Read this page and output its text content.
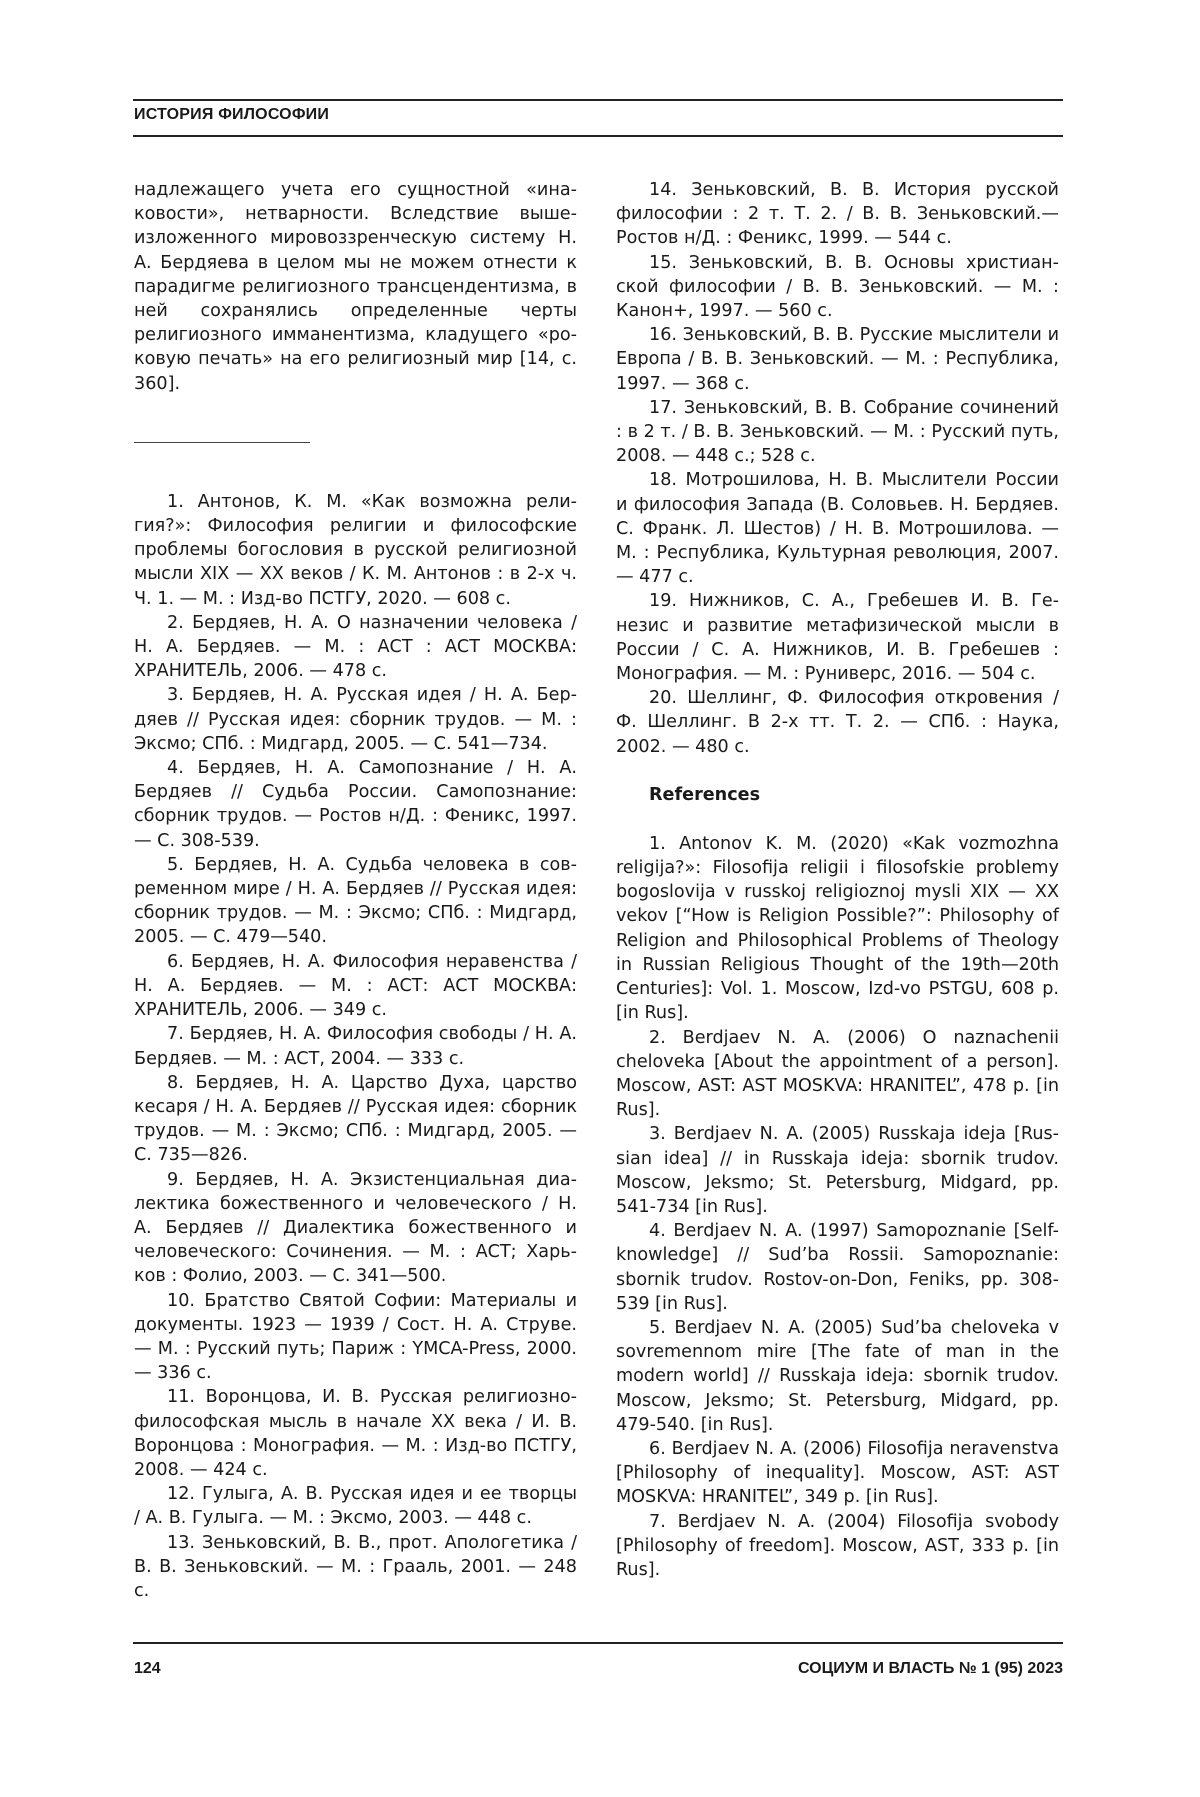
ИСТОРИЯ ФИЛОСОФИИ

надлежащего учета его сущностной «ина­ковости», нетварности. Вследствие выше­изложенного мировоззренческую систему Н. А. Бердяева в целом мы не можем отнести к парадигме религиозного трансцендентиз­ма, в ней сохранялись определенные черты религиозного имманентизма, кладущего «ро­ковую печать» на его религиозный мир [14, с. 360].

1. Антонов, К. М. «Как возможна рели­гия?»: Философия религии и философские проблемы богословия в русской религиоз­ной мысли XIX — XX веков / К. М. Антонов : в 2-х ч. Ч. 1. — М. : Изд-во ПСТГУ, 2020. — 608 с.

2. Бердяев, Н. А. О назначении человека / Н. А. Бердяев. — М. : АСТ : АСТ МОСКВА: ХРАНИТЕЛЬ, 2006. — 478 с.

3. Бердяев, Н. А. Русская идея / Н. А. Бер­дяев // Русская идея: сборник трудов. — М. : Эксмо; СПб. : Мидгард, 2005. — С. 541—734.

4. Бердяев, Н. А. Самопознание / Н. А. Бердяев // Судьба России. Самопознание: сборник трудов. — Ростов н/Д. : Феникс, 1997. — С. 308-539.

5. Бердяев, Н. А. Судьба человека в сов­ременном мире / Н. А. Бердяев // Русская идея: сборник трудов. — М. : Эксмо; СПб. : Мидгард, 2005. — С. 479—540.

6. Бердяев, Н. А. Философия неравенст­ва / Н. А. Бердяев. — М. : АСТ: АСТ МОСКВА: ХРАНИТЕЛЬ, 2006. — 349 с.

7. Бердяев, Н. А. Философия свободы / Н. А. Бердяев. — М. : АСТ, 2004. — 333 с.

8. Бердяев, Н. А. Царство Духа, царство кесаря / Н. А. Бердяев // Русская идея: сбор­ник трудов. — М. : Эксмо; СПб. : Мидгард, 2005. — С. 735—826.

9. Бердяев, Н. А. Экзистенциальная диа­лектика божественного и человеческого / Н. А. Бердяев // Диалектика божественного и человеческого: Сочинения. — М. : АСТ; Харь­ков : Фолио, 2003. — С. 341—500.

10. Братство Святой Софии: Материалы и документы. 1923 — 1939 / Сост. Н. А. Стру­ве. — М. : Русский путь; Париж : YMCA-Press, 2000. — 336 с.

11. Воронцова, И. В. Русская религиоз­но-философская мысль в начале XX века / И. В. Воронцова : Монография. — М. : Изд-во ПСТГУ, 2008. — 424 с.

12. Гулыга, А. В. Русская идея и ее твор­цы / А. В. Гулыга. — М. : Эксмо, 2003. — 448 с.

13. Зеньковский, В. В., прот. Аполо­гетика / В. В. Зеньковский. — М. : Грааль, 2001. — 248 с.

14. Зеньковский, В. В. История русской философии : 2 т. Т. 2. / В. В. Зеньковский.— Ростов н/Д. : Феникс, 1999. — 544 с.

15. Зеньковский, В. В. Основы христиан­ской философии / В. В. Зеньковский. — М. : Канон+, 1997. — 560 с.

16. Зеньковский, В. В. Русские мыслители и Европа / В. В. Зеньковский. — М. : Респу­блика, 1997. — 368 с.

17. Зеньковский, В. В. Собрание сочине­ний : в 2 т. / В. В. Зеньковский. — М. : Рус­ский путь, 2008. — 448 с.; 528 с.

18. Мотрошилова, Н. В. Мыслители Рос­сии и философия Запада (В. Соловьев. Н. Бердяев. С. Франк. Л. Шестов) / Н. В. Мотро­шилова. — М. : Республика, Культурная ре­волюция, 2007. — 477 с.

19. Нижников, С. А., Гребешев И. В. Ге­незис и развитие метафизической мысли в России / С. А. Нижников, И. В. Гребешев : Монография. — М. : Руниверс, 2016. — 504 с.

20. Шеллинг, Ф. Философия откровения / Ф. Шеллинг. В 2-х тт. Т. 2. — СПб. : Наука, 2002. — 480 с.

References

1. Antonov K. M. (2020) «Kak vozmozhna religija?»: Filosofija religii i filosofskie problemy bogoslovija v russkoj religioznoj mysli XIX — XX vekov [“How is Religion Possible?”: Philoso­phy of Religion and Philosophical Problems of Theology in Russian Religious Thought of the 19th—20th Centuries]: Vol. 1. Moscow, Izd-vo PSTGU, 608 p. [in Rus].

2. Berdjaev N. A. (2006) O naznachenii cheloveka [About the appointment of a per­son]. Moscow, AST: AST MOSKVA: HRANITEL”, 478 p. [in Rus].

3. Berdjaev N. A. (2005) Russkaja ideja [Rus­sian idea] // in Russkaja ideja: sbornik trudov. Moscow, Jeksmo; St. Petersburg, Midgard, pp. 541-734 [in Rus].

4. Berdjaev N. A. (1997) Samopoznanie [Self-knowledge] // Sud’ba Rossii. Samo­poznanie: sbornik trudov. Rostov-on-Don, Fe­niks, pp. 308-539 [in Rus].

5. Berdjaev N. A. (2005) Sud’ba cheloveka v sovremennom mire [The fate of man in the modern world] // Russkaja ideja: sbornik tru­dov. Moscow, Jeksmo; St. Petersburg, Midgard, pp. 479-540. [in Rus].

6. Berdjaev N. A. (2006) Filosofija neravenst­va [Philosophy of inequality]. Moscow, AST: AST MOSKVA: HRANITEL”, 349 p. [in Rus].

7. Berdjaev N. A. (2004) Filosofija svobody [Philosophy of freedom]. Moscow, AST, 333 p. [in Rus].

124	СОЦИУМ И ВЛАСТЬ № 1 (95) 2023
